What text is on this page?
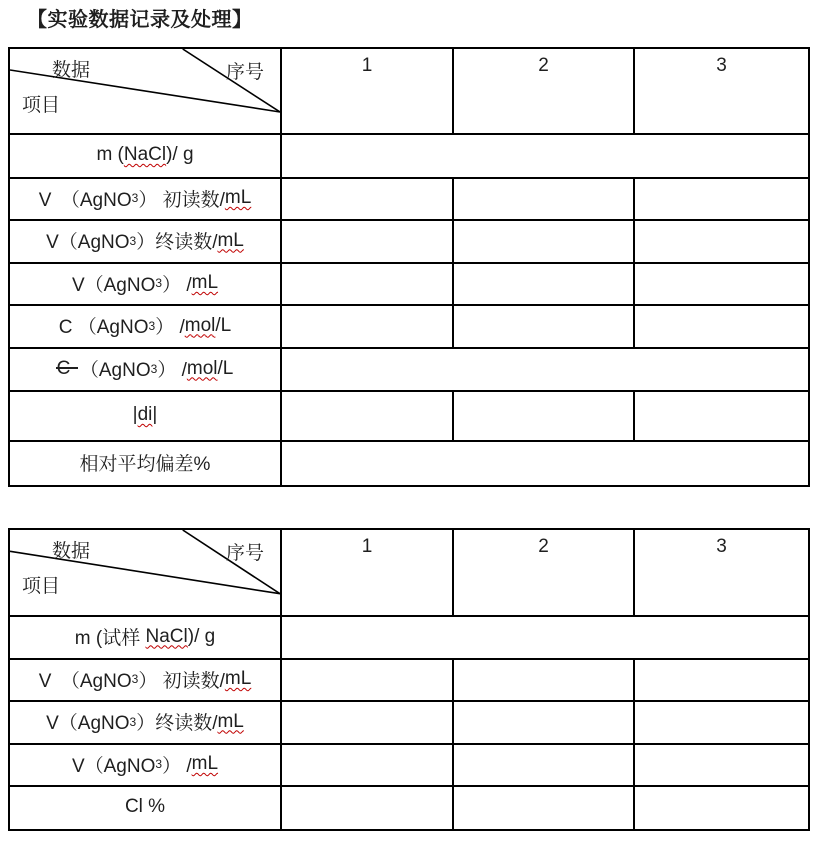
【实验数据记录及处理】
数据	序号
项目
1	2	3
m ( NaCl )/ g
V　（AgNO 3 ） 初读数/ mL
V（AgNO 3 ）终读数/ mL
V（AgNO 3 ） / mL
C （AgNO 3 ） / mol /L
C 　（AgNO 3 ） / mol /L
| di |
相对平均偏差%
数据	序号
项目
1	2	3
m (试样 NaCl )/ g
V　（AgNO 3 ） 初读数/ mL
V（AgNO 3 ）终读数/ mL
V（AgNO 3 ） / mL
Cl %
